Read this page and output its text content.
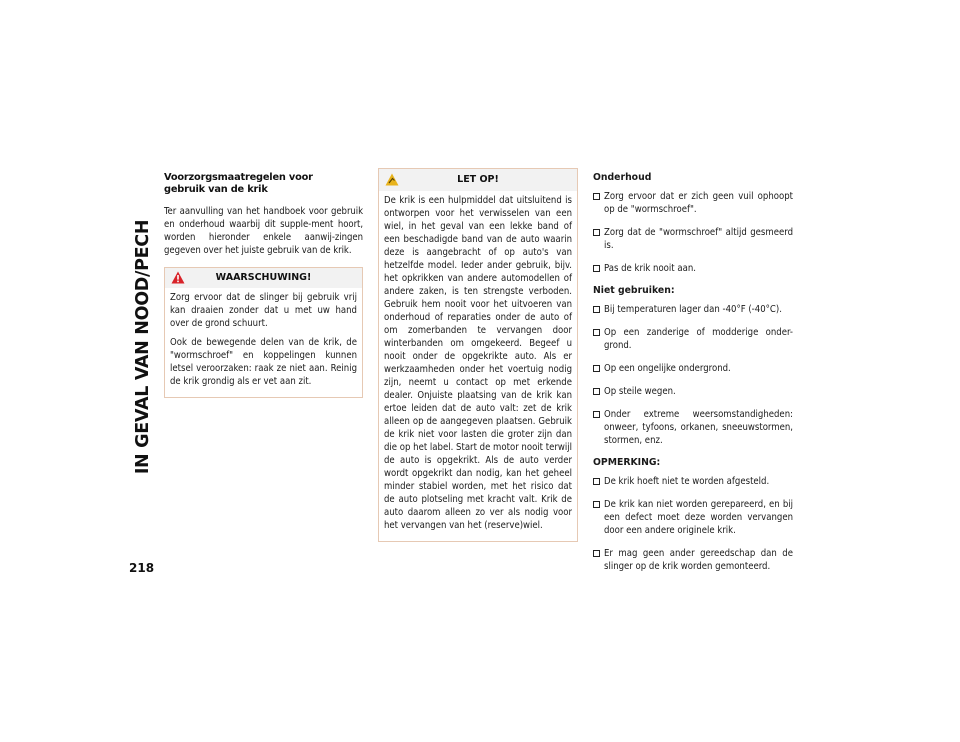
IN GEVAL VAN NOOD/PECH
218
Voorzorgsmaatregelen voor
gebruik van de krik

Ter aanvulling van het handboek voor gebruik en onderhoud waarbij dit supple-ment hoort, worden hieronder enkele aanwij-zingen gegeven over het juiste gebruik van de krik.

WAARSCHUWING!

Zorg ervoor dat de slinger bij gebruik vrij kan draaien zonder dat u met uw hand over de grond schuurt.

Ook de bewegende delen van de krik, de "wormschroef" en koppelingen kunnen letsel veroorzaken: raak ze niet aan. Reinig de krik grondig als er vet aan zit.

LET OP!

De krik is een hulpmiddel dat uitsluitend is ontworpen voor het verwisselen van een wiel, in het geval van een lekke band of een beschadigde band van de auto waarin deze is aangebracht of op auto's van hetzelfde model. Ieder ander gebruik, bijv. het opkrikken van andere automodellen of andere zaken, is ten strengste verboden. Gebruik hem nooit voor het uitvoeren van onderhoud of reparaties onder de auto of om zomerbanden te vervangen door winterbanden om omgekeerd. Begeef u nooit onder de opgekrikte auto. Als er werkzaamheden onder het voertuig nodig zijn, neemt u contact op met erkende dealer. Onjuiste plaatsing van de krik kan ertoe leiden dat de auto valt: zet de krik alleen op de aangegeven plaatsen. Gebruik de krik niet voor lasten die groter zijn dan die op het label. Start de motor nooit terwijl de auto is opgekrikt. Als de auto verder wordt opgekrikt dan nodig, kan het geheel minder stabiel worden, met het risico dat de auto plotseling met kracht valt. Krik de auto daarom alleen zo ver als nodig voor het vervangen van het (reserve)wiel.

Onderhoud
Zorg ervoor dat er zich geen vuil ophoopt op de "wormschroef".
Zorg dat de "wormschroef" altijd gesmeerd is.
Pas de krik nooit aan.
Niet gebruiken:
Bij temperaturen lager dan -40°F (-40°C).
Op een zanderige of modderige onder-grond.
Op een ongelijke ondergrond.
Op steile wegen.
Onder extreme weersomstandigheden: onweer, tyfoons, orkanen, sneeuwstormen, stormen, enz.
OPMERKING:
De krik hoeft niet te worden afgesteld.
De krik kan niet worden gerepareerd, en bij een defect moet deze worden vervangen door een andere originele krik.
Er mag geen ander gereedschap dan de slinger op de krik worden gemonteerd.
